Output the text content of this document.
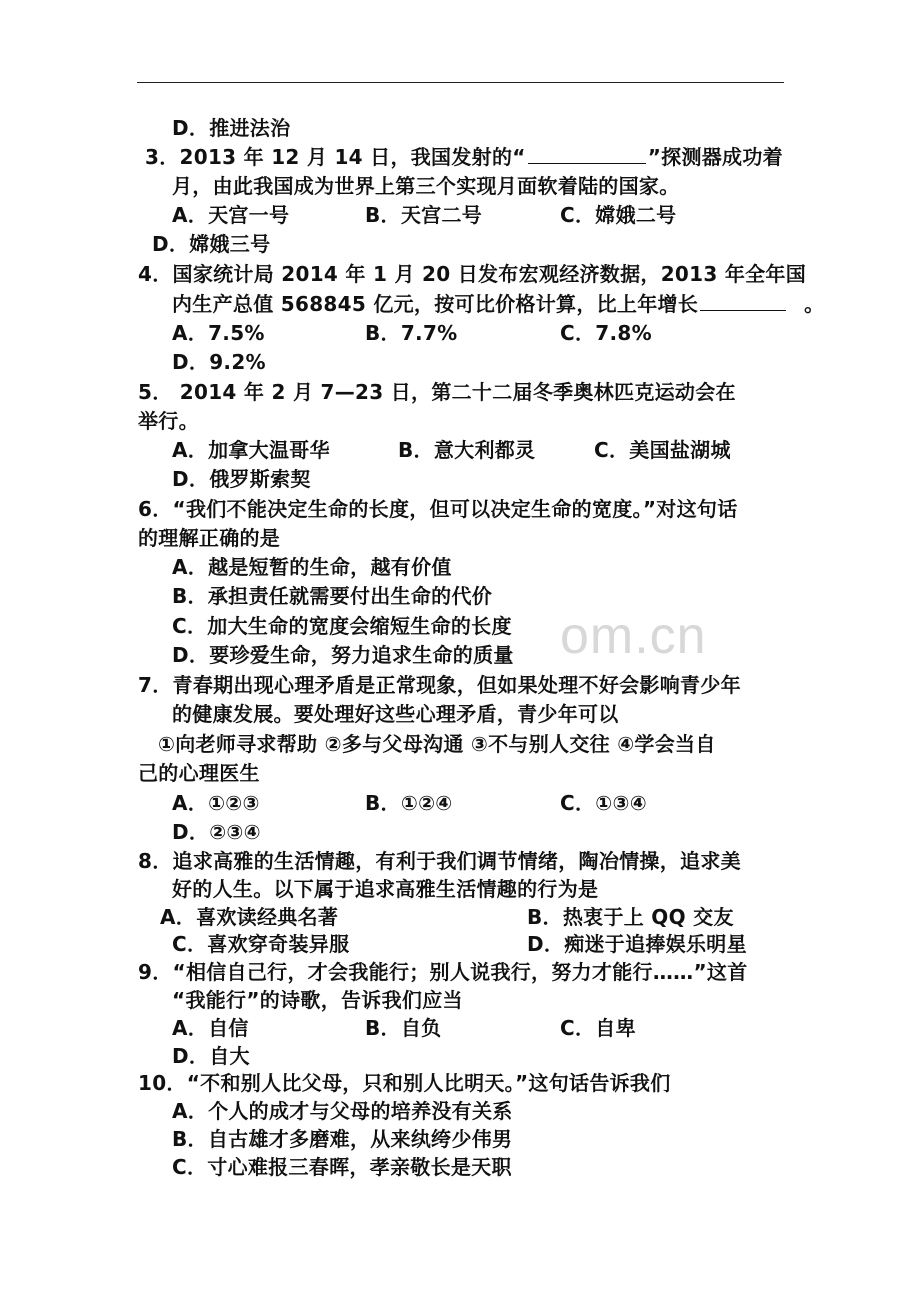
om.cn
D．推进法治
3．2013 年 12 月 14 日，我国发射的“	”探测器成功着
月，由此我国成为世界上第三个实现月面软着陆的国家。
A．天宫一号	B．天宫二号	C．嫦娥二号
D．嫦娥三号
4．国家统计局 2014 年 1 月 20 日发布宏观经济数据，2013 年全年国
内生产总值 568845 亿元，按可比价格计算，比上年增长	。
A．7.5%	B．7.7%	C．7.8%
D．9.2%
5． 2014 年 2 月 7—23 日，第二十二届冬季奥林匹克运动会在
举行。
A．加拿大温哥华	B．意大利都灵	C．美国盐湖城
D．俄罗斯索契
6．“我们不能决定生命的长度，但可以决定生命的宽度。”对这句话
的理解正确的是
A．越是短暂的生命，越有价值
B．承担责任就需要付出生命的代价
C．加大生命的宽度会缩短生命的长度
D．要珍爱生命，努力追求生命的质量
7．青春期出现心理矛盾是正常现象，但如果处理不好会影响青少年
的健康发展。要处理好这些心理矛盾，青少年可以
①向老师寻求帮助 ②多与父母沟通 ③不与别人交往 ④学会当自
己的心理医生
A．①②③	B．①②④	C．①③④
D．②③④
8．追求高雅的生活情趣，有利于我们调节情绪，陶冶情操，追求美
好的人生。以下属于追求高雅生活情趣的行为是
A．喜欢读经典名著	B．热衷于上 QQ 交友
C．喜欢穿奇装异服	D．痴迷于追捧娱乐明星
9．“相信自己行，才会我能行；别人说我行，努力才能行……”这首
“我能行”的诗歌，告诉我们应当
A．自信	B．自负	C．自卑
D．自大
10．“不和别人比父母，只和别人比明天。”这句话告诉我们
A．个人的成才与父母的培养没有关系
B．自古雄才多磨难，从来纨绔少伟男
C．寸心难报三春晖，孝亲敬长是天职
